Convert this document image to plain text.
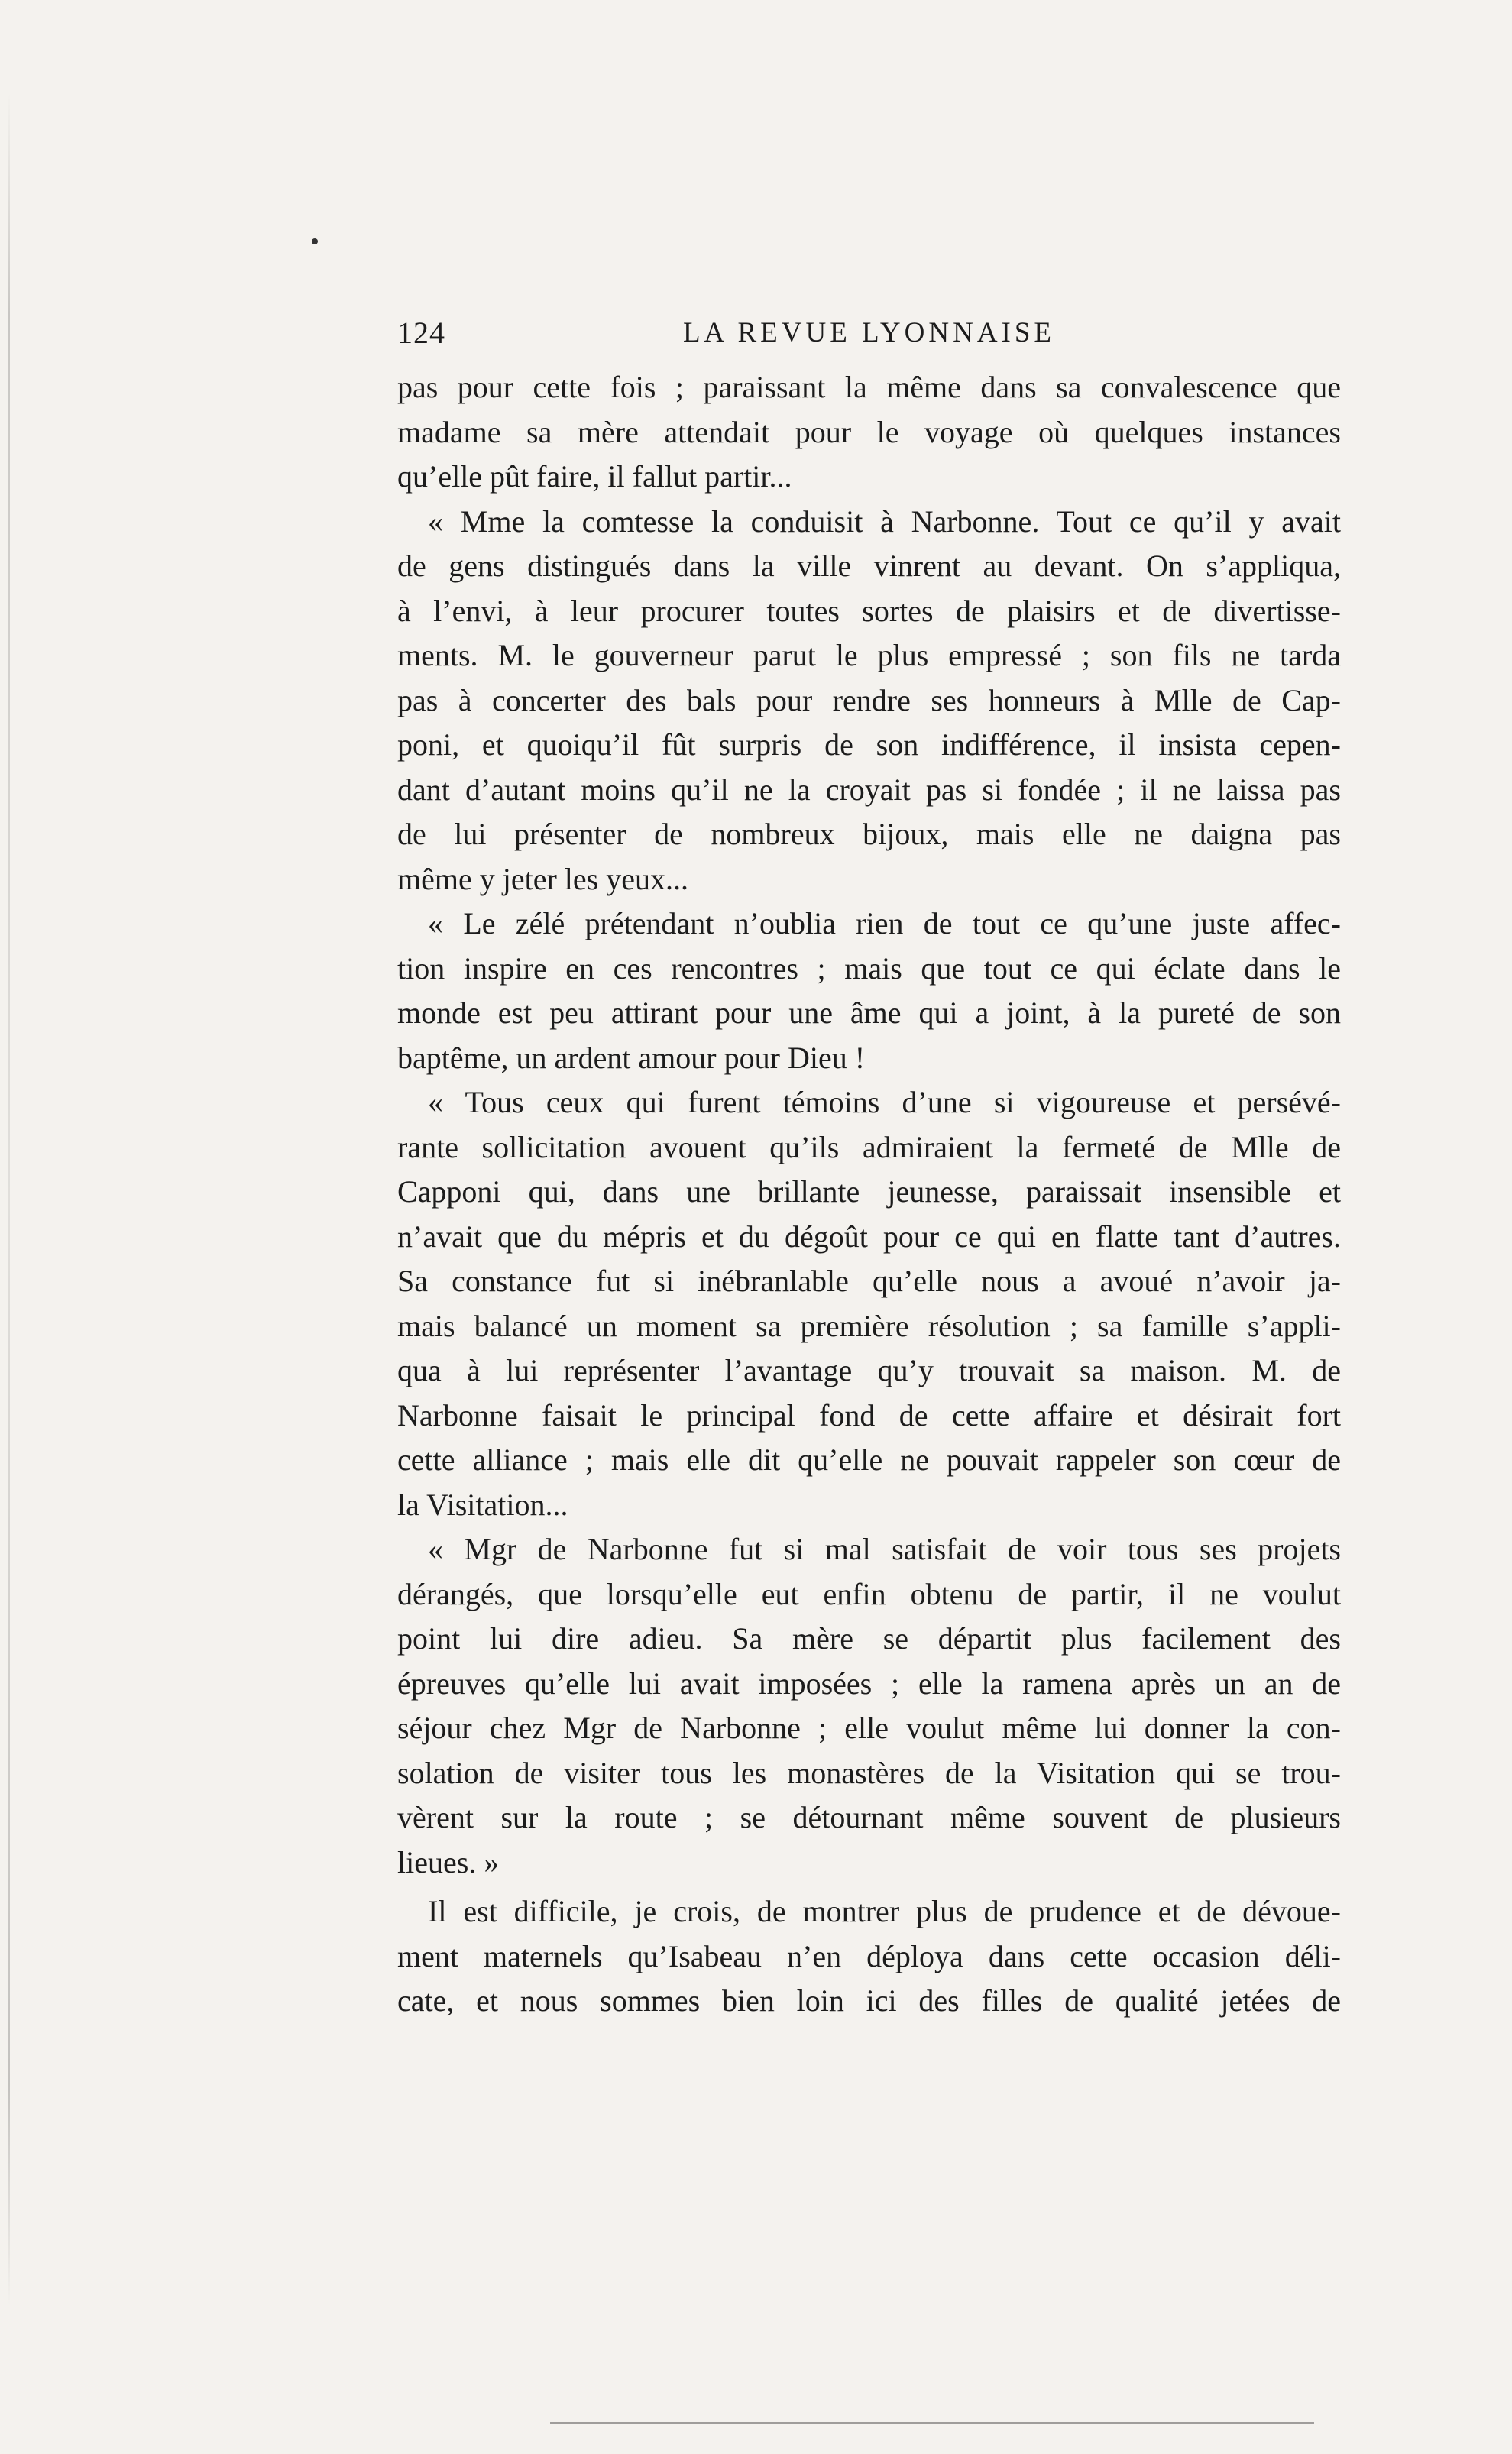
124	LA REVUE LYONNAISE
pas pour cette fois ; paraissant la même dans sa convalescence que
madame sa mère attendait pour le voyage où quelques instances
qu’elle pût faire, il fallut partir...
« Mme la comtesse la conduisit à Narbonne. Tout ce qu’il y avait
de gens distingués dans la ville vinrent au devant. On s’appliqua,
à l’envi, à leur procurer toutes sortes de plaisirs et de divertisse-
ments. M. le gouverneur parut le plus empressé ; son fils ne tarda
pas à concerter des bals pour rendre ses honneurs à Mlle de Cap-
poni, et quoiqu’il fût surpris de son indifférence, il insista cepen-
dant d’autant moins qu’il ne la croyait pas si fondée ; il ne laissa pas
de lui présenter de nombreux bijoux, mais elle ne daigna pas
même y jeter les yeux...
« Le zélé prétendant n’oublia rien de tout ce qu’une juste affec-
tion inspire en ces rencontres ; mais que tout ce qui éclate dans le
monde est peu attirant pour une âme qui a joint, à la pureté de son
baptême, un ardent amour pour Dieu !
« Tous ceux qui furent témoins d’une si vigoureuse et persévé-
rante sollicitation avouent qu’ils admiraient la fermeté de Mlle de
Capponi qui, dans une brillante jeunesse, paraissait insensible et
n’avait que du mépris et du dégoût pour ce qui en flatte tant d’autres.
Sa constance fut si inébranlable qu’elle nous a avoué n’avoir ja-
mais balancé un moment sa première résolution ; sa famille s’appli-
qua à lui représenter l’avantage qu’y trouvait sa maison. M. de
Narbonne faisait le principal fond de cette affaire et désirait fort
cette alliance ; mais elle dit qu’elle ne pouvait rappeler son cœur de
la Visitation...
« Mgr de Narbonne fut si mal satisfait de voir tous ses projets
dérangés, que lorsqu’elle eut enfin obtenu de partir, il ne voulut
point lui dire adieu. Sa mère se départit plus facilement des
épreuves qu’elle lui avait imposées ; elle la ramena après un an de
séjour chez Mgr de Narbonne ; elle voulut même lui donner la con-
solation de visiter tous les monastères de la Visitation qui se trou-
vèrent sur la route ; se détournant même souvent de plusieurs
lieues. »
Il est difficile, je crois, de montrer plus de prudence et de dévoue-
ment maternels qu’Isabeau n’en déploya dans cette occasion déli-
cate, et nous sommes bien loin ici des filles de qualité jetées de
